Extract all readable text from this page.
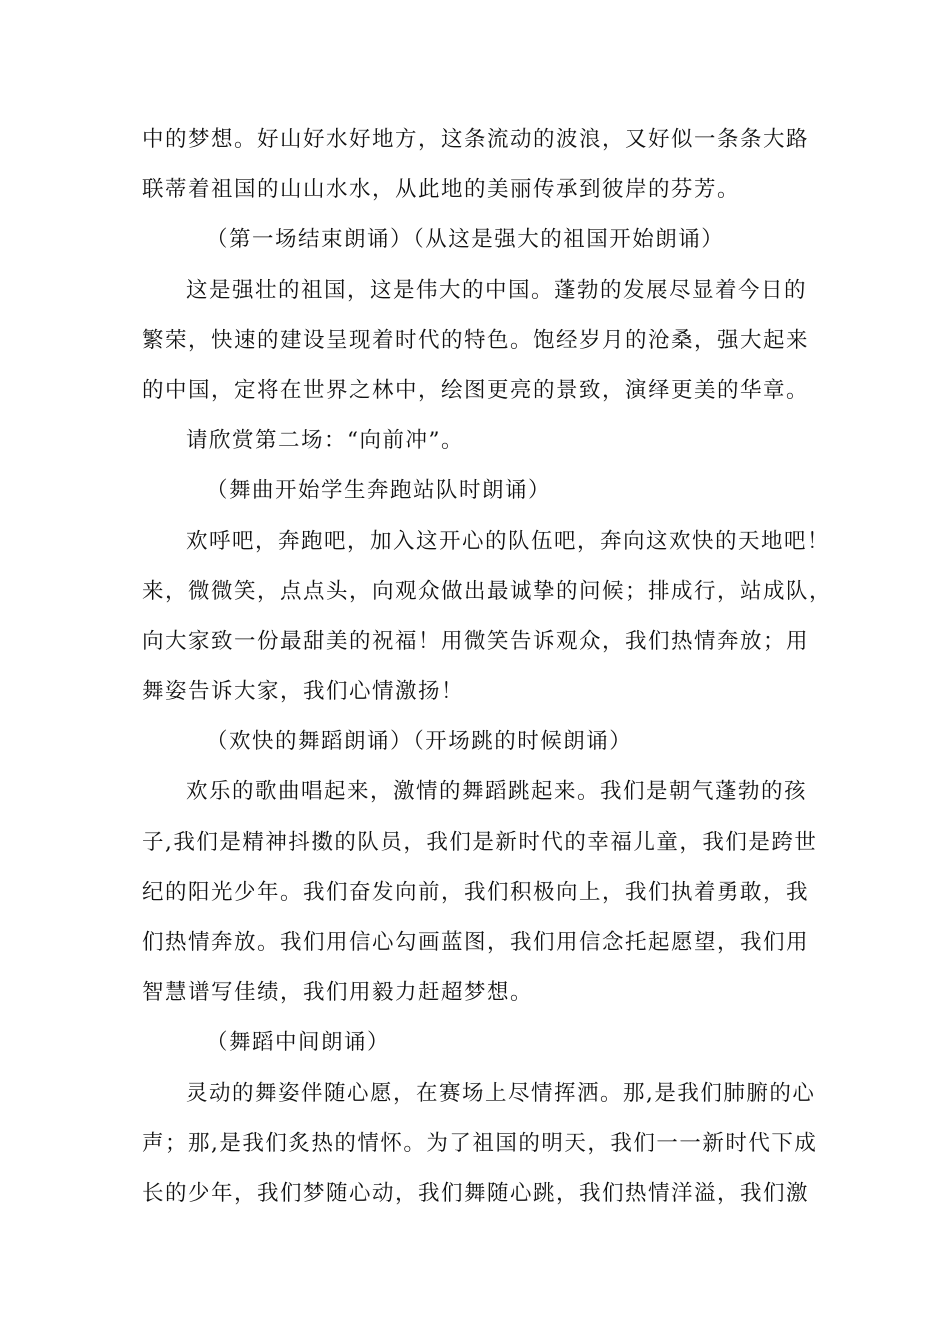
中的梦想。好山好水好地方，这条流动的波浪，又好似一条条大路
联蒂着祖国的山山水水，从此地的美丽传承到彼岸的芬芳。
（第一场结束朗诵）（从这是强大的祖国开始朗诵）
这是强壮的祖国，这是伟大的中国。蓬勃的发展尽显着今日的
繁荣，快速的建设呈现着时代的特色。饱经岁月的沧桑，强大起来
的中国，定将在世界之林中，绘图更亮的景致，演绎更美的华章。
请欣赏第二场：“向前冲”。
（舞曲开始学生奔跑站队时朗诵）
欢呼吧，奔跑吧，加入这开心的队伍吧，奔向这欢快的天地吧！
来，微微笑，点点头，向观众做出最诚挚的问候；排成行，站成队，
向大家致一份最甜美的祝福！用微笑告诉观众，我们热情奔放；用
舞姿告诉大家，我们心情激扬！
（欢快的舞蹈朗诵）（开场跳的时候朗诵）
欢乐的歌曲唱起来，激情的舞蹈跳起来。我们是朝气蓬勃的孩
子,我们是精神抖擞的队员，我们是新时代的幸福儿童，我们是跨世
纪的阳光少年。我们奋发向前，我们积极向上，我们执着勇敢，我
们热情奔放。我们用信心勾画蓝图，我们用信念托起愿望，我们用
智慧谱写佳绩，我们用毅力赶超梦想。
（舞蹈中间朗诵）
灵动的舞姿伴随心愿，在赛场上尽情挥洒。那,是我们肺腑的心
声；那,是我们炙热的情怀。为了祖国的明天，我们一一新时代下成
长的少年，我们梦随心动，我们舞随心跳，我们热情洋溢，我们激
